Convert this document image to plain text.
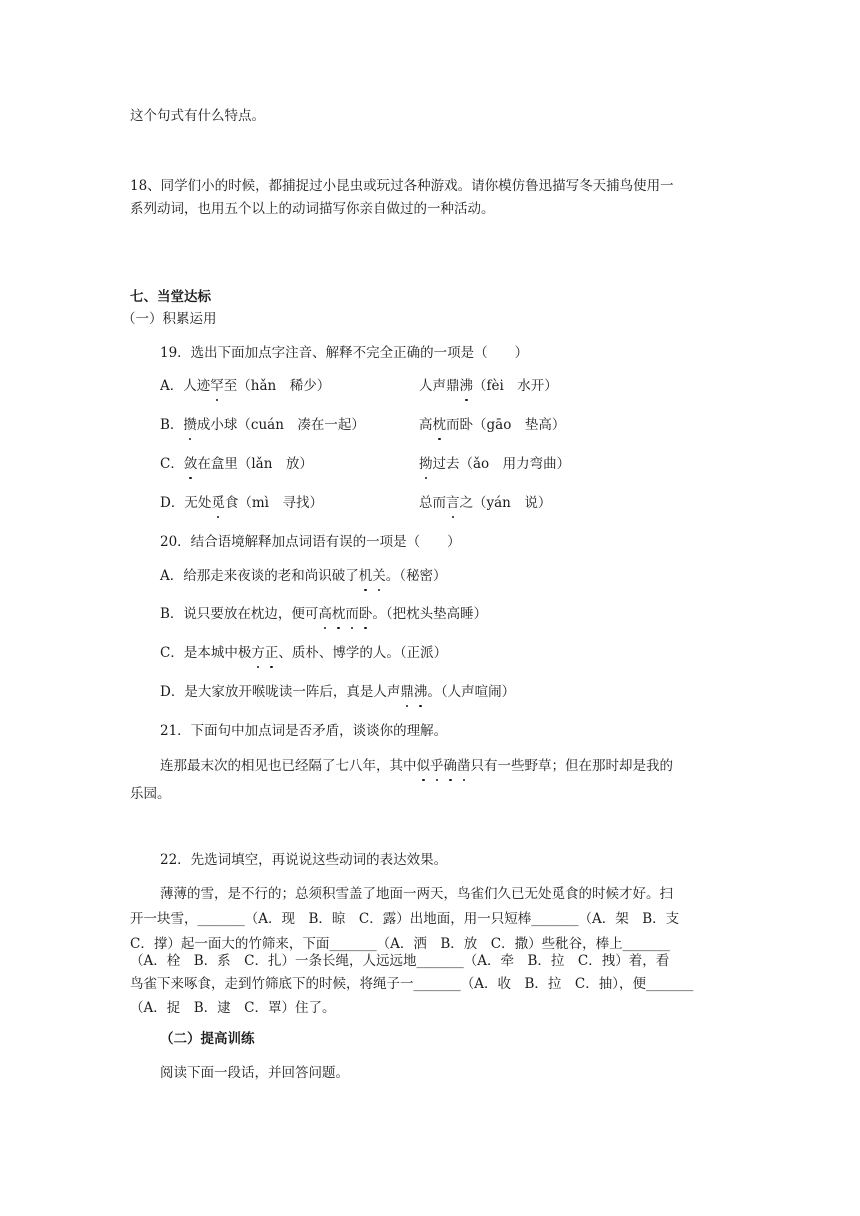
这个句式有什么特点。
18、同学们小的时候，都捕捉过小昆虫或玩过各种游戏。请你模仿鲁迅描写冬天捕鸟使用一
系列动词，也用五个以上的动词描写你亲自做过的一种活动。
七、当堂达标
（一）积累运用
19．选出下面加点字注音、解释不完全正确的一项是（　　）
A．人迹罕至（hǎn　稀少）	人声鼎沸（fèi　水开）
B．攒成小球（cuán　凑在一起）	高枕而卧（gāo　垫高）
C．敛在盒里（lǎn　放）	拗过去（ǎo　用力弯曲）
D．无处觅食（mì　寻找）	总而言之（yán　说）
20．结合语境解释加点词语有误的一项是（　　）
A．给那走来夜谈的老和尚识破了机关。（秘密）
B．说只要放在枕边，便可高枕而卧。（把枕头垫高睡）
C．是本城中极方正、质朴、博学的人。（正派）
D．是大家放开喉咙读一阵后，真是人声鼎沸。（人声喧闹）
21．下面句中加点词是否矛盾，谈谈你的理解。
连那最末次的相见也已经隔了七八年，其中似乎确凿只有一些野草；但在那时却是我的
乐园。
22．先选词填空，再说说这些动词的表达效果。
薄薄的雪，是不行的；总须积雪盖了地面一两天，鸟雀们久已无处觅食的时候才好。扫
开一块雪，_______（A．现　B．晾　C．露）出地面，用一只短棒_______（A．架　B．支
C．撑）起一面大的竹筛来，下面_______（A．洒　B．放　C．撒）些秕谷，棒上_______
（A．栓　B．系　C．扎）一条长绳，人远远地_______（A．牵　B．拉　C．拽）着，看
鸟雀下来啄食，走到竹筛底下的时候，将绳子一_______（A．收　B．拉　C．抽），便_______
（A．捉　B．逮　C．罩）住了。
（二）提高训练
阅读下面一段话，并回答问题。
